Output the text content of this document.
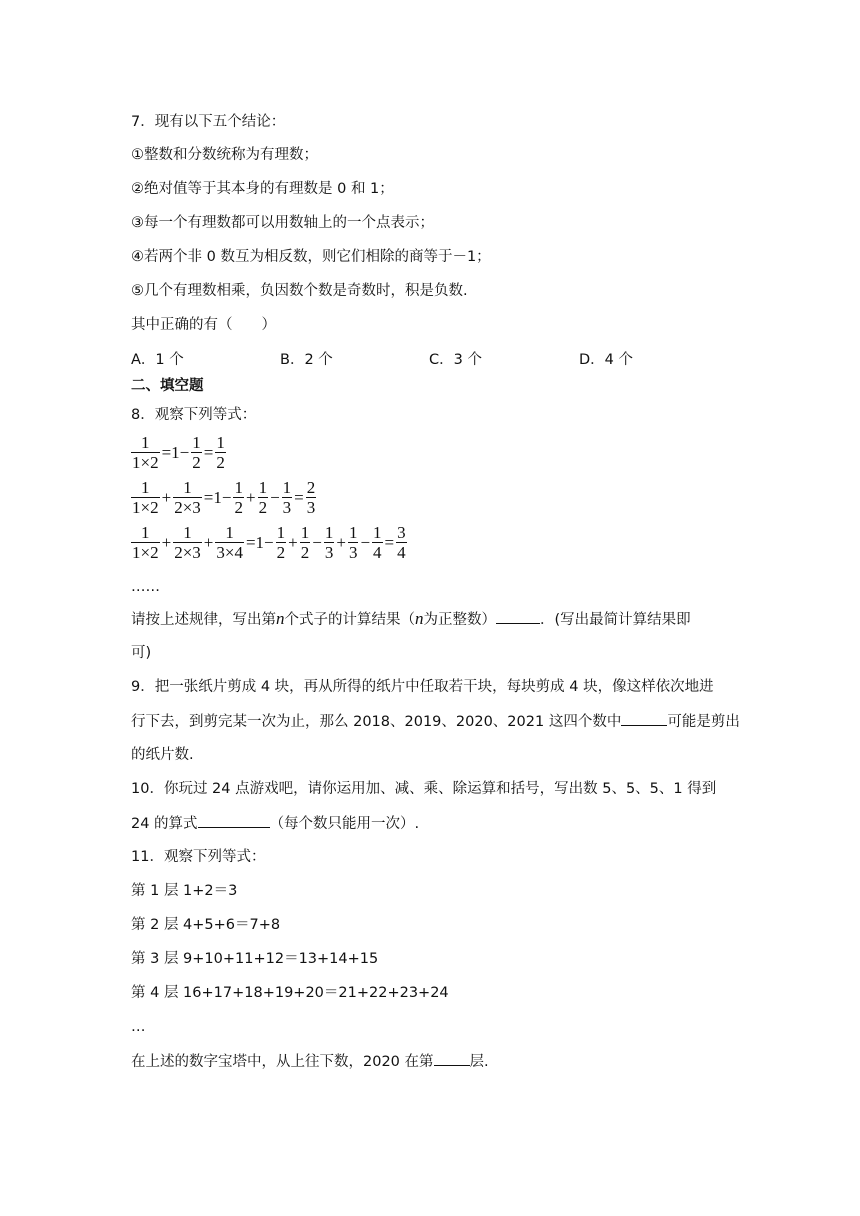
7．现有以下五个结论：
①整数和分数统称为有理数；
②绝对值等于其本身的有理数是 0 和 1；
③每一个有理数都可以用数轴上的一个点表示；
④若两个非 0 数互为相反数，则它们相除的商等于－1；
⑤几个有理数相乘，负因数个数是奇数时，积是负数.
其中正确的有（　　）
A．1 个	B．2 个	C．3 个	D．4 个
二、填空题
8．观察下列等式：
$\frac{1}{1\times 2} =1- \frac{1}{2} = \frac{1}{2}$
$\frac{1}{1\times 2} + \frac{1}{2\times 3} =1- \frac{1}{2} + \frac{1}{2} - \frac{1}{3} = \frac{2}{3}$
$\frac{1}{1\times 2} + \frac{1}{2\times 3} + \frac{1}{3\times 4} =1- \frac{1}{2} + \frac{1}{2} - \frac{1}{3} + \frac{1}{3} - \frac{1}{4} = \frac{3}{4}$
……
请按上述规律，写出第n个式子的计算结果（n为正整数）	．(写出最简计算结果即
可)
9．把一张纸片剪成 4 块，再从所得的纸片中任取若干块，每块剪成 4 块，像这样依次地进
行下去，到剪完某一次为止，那么 2018、2019、2020、2021 这四个数中	可能是剪出
的纸片数.
10．你玩过 24 点游戏吧，请你运用加、减、乘、除运算和括号，写出数 5、5、5、1 得到
24 的算式	（每个数只能用一次）.
11．观察下列等式：
第 1 层 1+2＝3
第 2 层 4+5+6＝7+8
第 3 层 9+10+11+12＝13+14+15
第 4 层 16+17+18+19+20＝21+22+23+24
…
在上述的数字宝塔中，从上往下数，2020 在第 层.
